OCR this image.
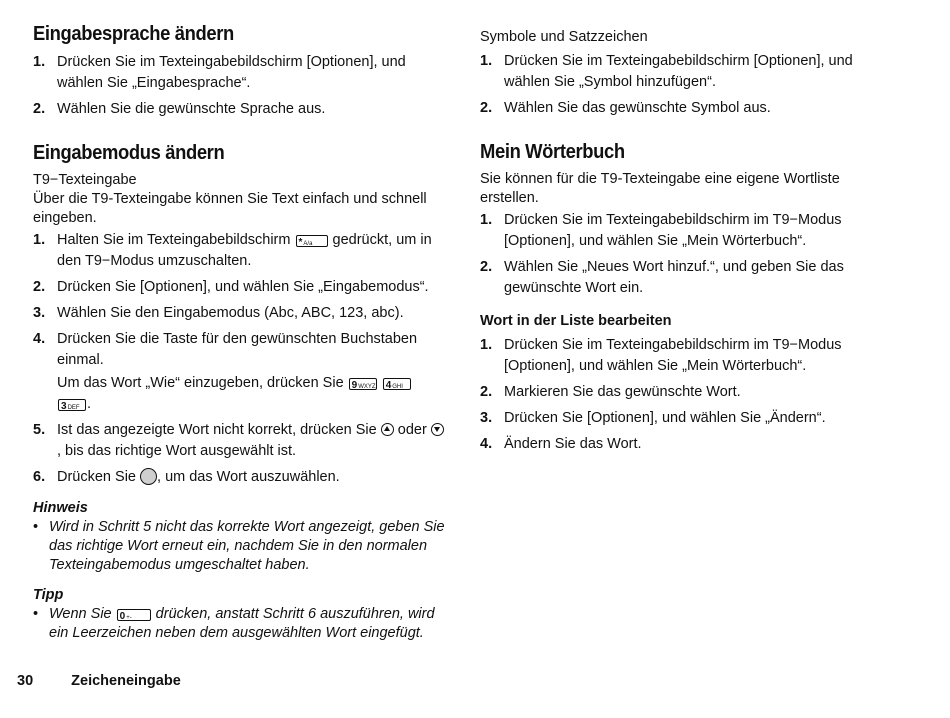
Eingabesprache ändern
1. Drücken Sie im Texteingabebildschirm [Optionen], und wählen Sie „Eingabesprache“.
2. Wählen Sie die gewünschte Sprache aus.
Eingabemodus ändern

T9−Texteingabe

Über die T9-Texteingabe können Sie Text einfach und schnell eingeben.

1. Halten Sie im Texteingabebildschirm *A/a gedrückt, um in den T9−Modus umzuschalten.
2. Drücken Sie [Optionen], und wählen Sie „Eingabemodus“.
3. Wählen Sie den Eingabemodus (Abc, ABC, 123, abc).
4. Drücken Sie die Taste für den gewünschten Buchstaben einmal.
Um das Wort „Wie“ einzugeben, drücken Sie 9WXYZ 4GHI 3DEF .
5. Ist das angezeigte Wort nicht korrekt, drücken Sie oder
, bis das richtige Wort ausgewählt ist.
6. Drücken Sie , um das Wort auszuwählen.
Hinweis
• Wird in Schritt 5 nicht das korrekte Wort angezeigt, geben Sie das richtige Wort erneut ein, nachdem Sie in den normalen Texteingabemodus umgeschaltet haben.
Tipp
• Wenn Sie 0+- drücken, anstatt Schritt 6 auszuführen, wird ein Leerzeichen neben dem ausgewählten Wort eingefügt.

Symbole und Satzzeichen

1. Drücken Sie im Texteingabebildschirm [Optionen], und wählen Sie „Symbol hinzufügen“.
2. Wählen Sie das gewünschte Symbol aus.
Mein Wörterbuch

Sie können für die T9-Texteingabe eine eigene Wortliste erstellen.

1. Drücken Sie im Texteingabebildschirm im T9−Modus [Optionen], und wählen Sie „Mein Wörterbuch“.
2. Wählen Sie „Neues Wort hinzuf.“, und geben Sie das gewünschte Wort ein.

Wort in der Liste bearbeiten

1. Drücken Sie im Texteingabebildschirm im T9−Modus [Optionen], und wählen Sie „Mein Wörterbuch“.
2. Markieren Sie das gewünschte Wort.
3. Drücken Sie [Optionen], und wählen Sie „Ändern“.
4. Ändern Sie das Wort.
30	Zeicheneingabe
